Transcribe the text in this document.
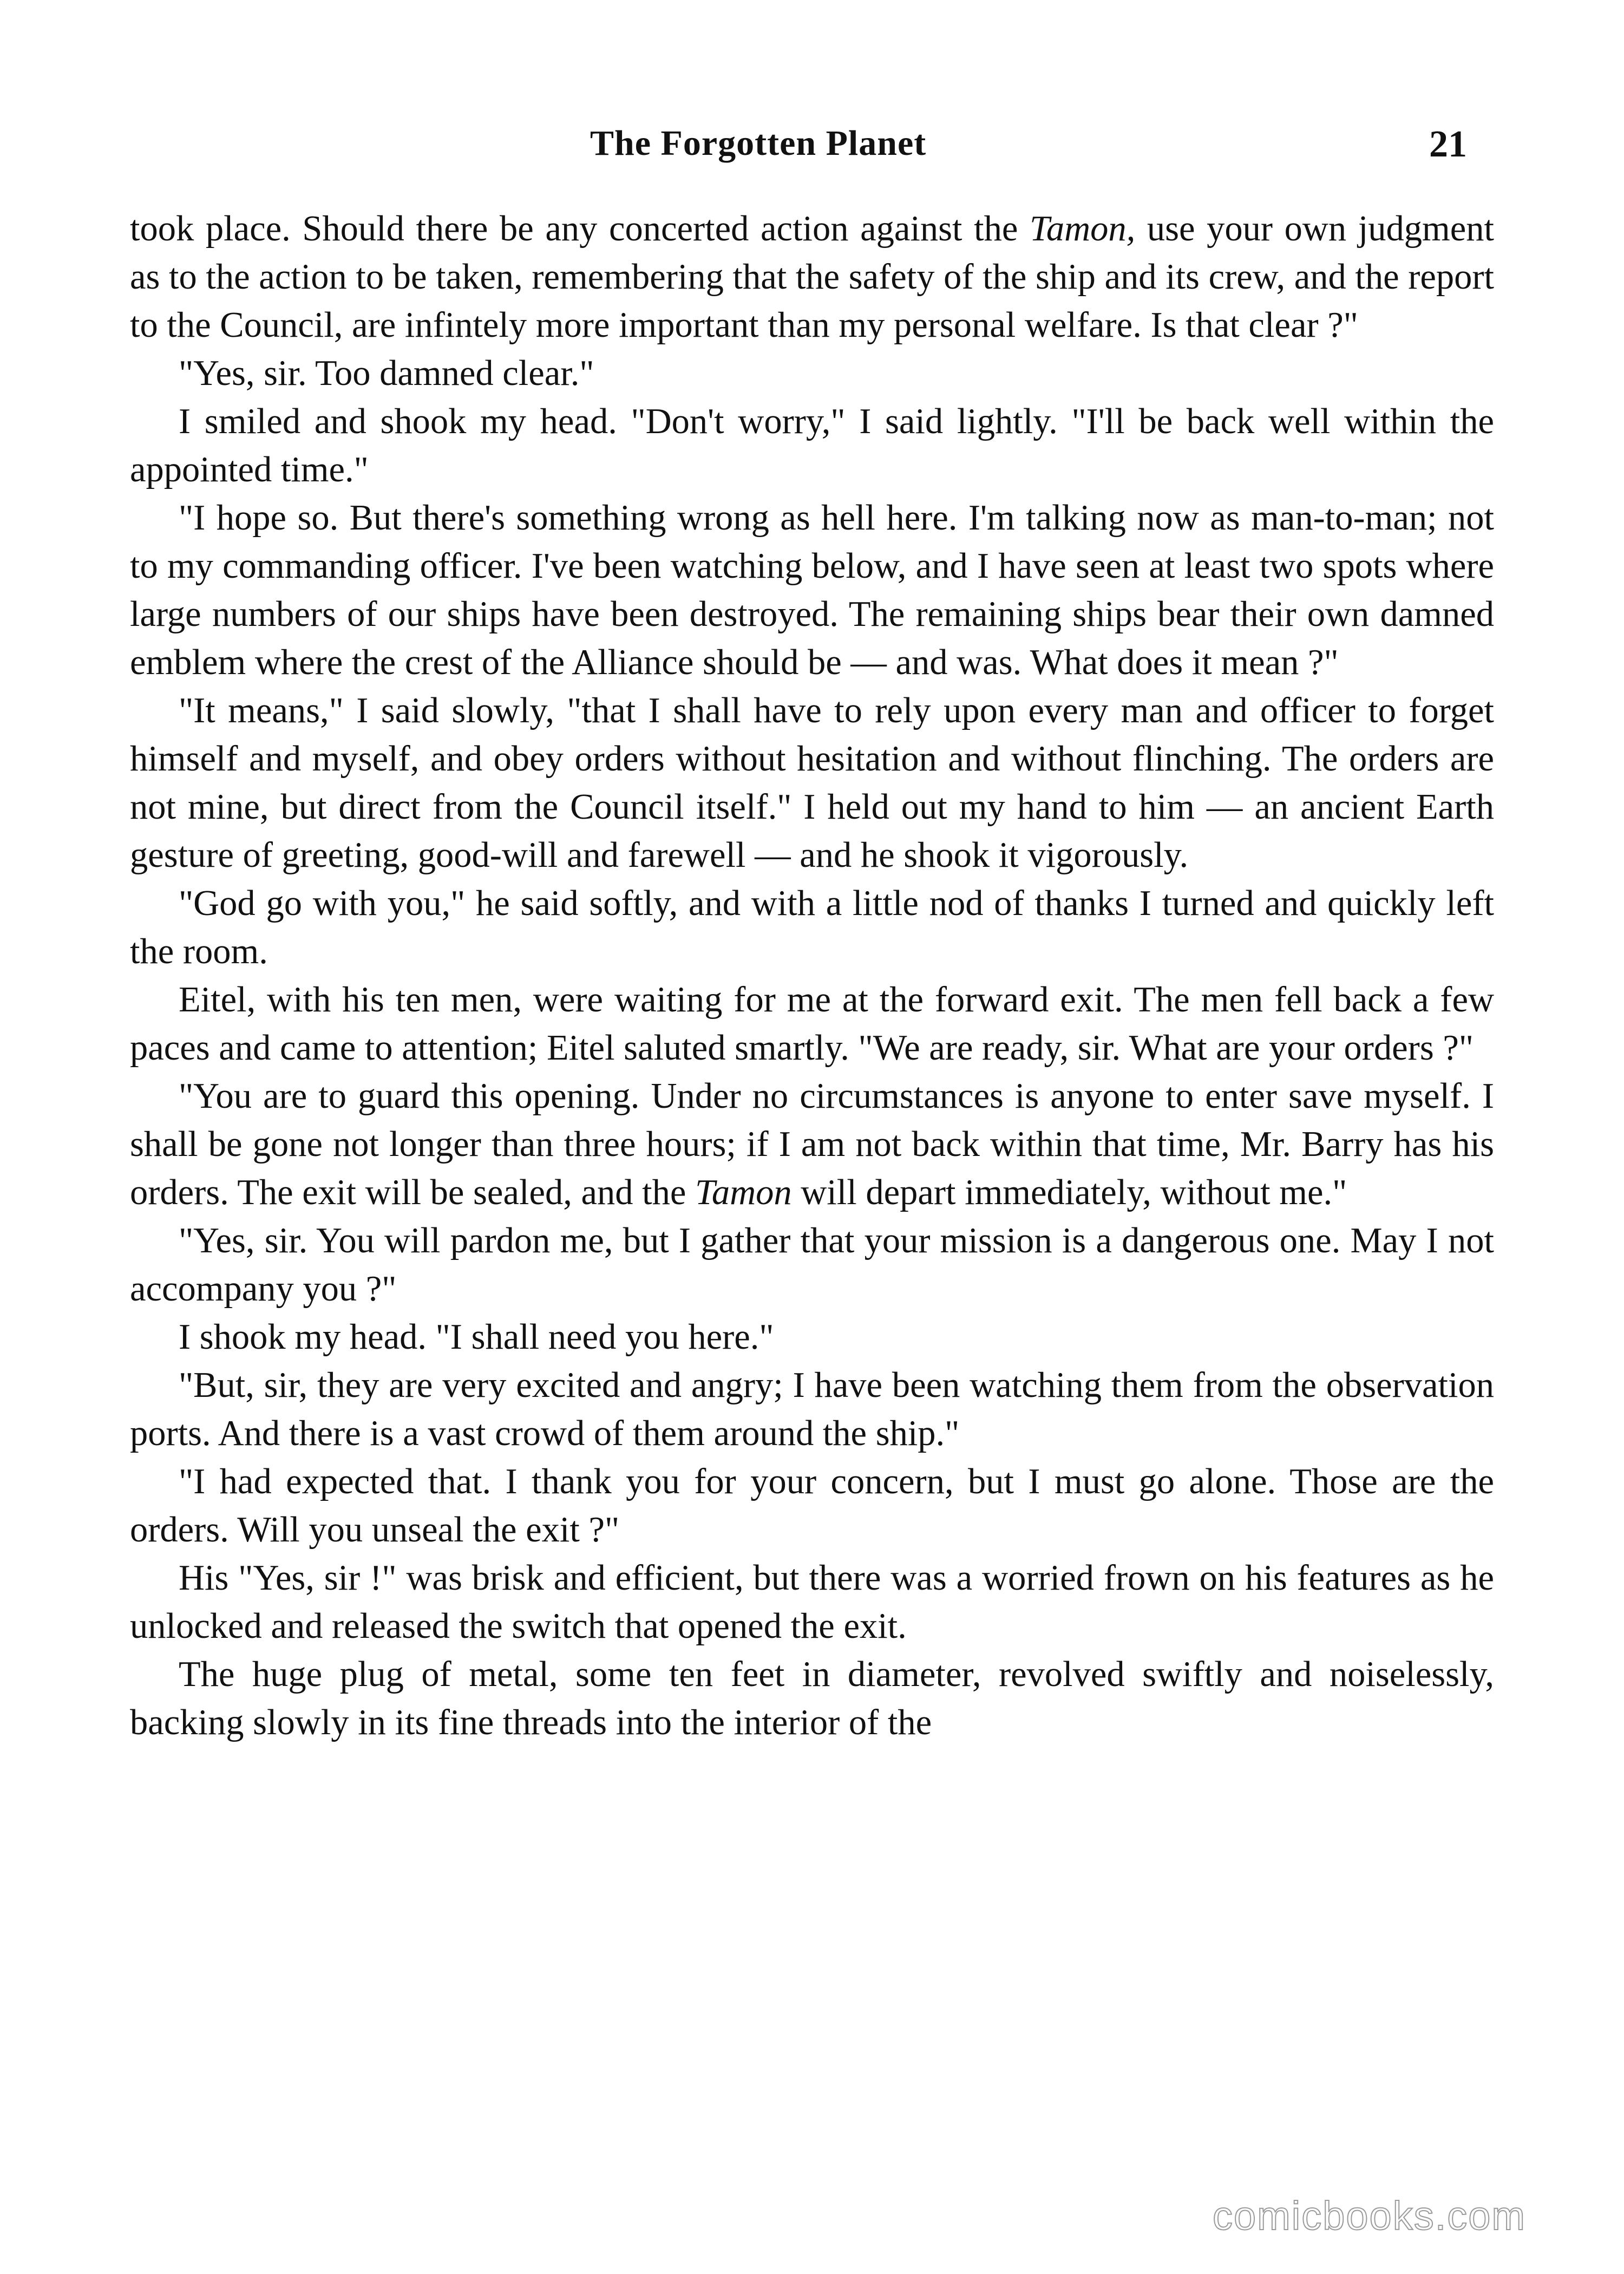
The Forgotten Planet	21

took place. Should there be any concerted action against the Tamon, use your own judgment as to the action to be taken, remembering that the safety of the ship and its crew, and the report to the Council, are infintely more important than my personal welfare. Is that clear ?"

"Yes, sir. Too damned clear."

I smiled and shook my head. "Don't worry," I said lightly. "I'll be back well within the appointed time."

"I hope so. But there's something wrong as hell here. I'm talking now as man-to-man; not to my commanding officer. I've been watching below, and I have seen at least two spots where large numbers of our ships have been destroyed. The remaining ships bear their own damned emblem where the crest of the Alliance should be — and was. What does it mean ?"

"It means," I said slowly, "that I shall have to rely upon every man and officer to forget himself and myself, and obey orders without hesitation and without flinching. The orders are not mine, but direct from the Council itself." I held out my hand to him — an ancient Earth gesture of greeting, good-will and farewell — and he shook it vigorously.

"God go with you," he said softly, and with a little nod of thanks I turned and quickly left the room.

Eitel, with his ten men, were waiting for me at the forward exit. The men fell back a few paces and came to attention; Eitel saluted smartly. "We are ready, sir. What are your orders ?"

"You are to guard this opening. Under no circumstances is anyone to enter save myself. I shall be gone not longer than three hours; if I am not back within that time, Mr. Barry has his orders. The exit will be sealed, and the Tamon will depart immediately, without me."

"Yes, sir. You will pardon me, but I gather that your mission is a dangerous one. May I not accompany you ?"

I shook my head. "I shall need you here."

"But, sir, they are very excited and angry; I have been watching them from the observation ports. And there is a vast crowd of them around the ship."

"I had expected that. I thank you for your concern, but I must go alone. Those are the orders. Will you unseal the exit ?"

His "Yes, sir !" was brisk and efficient, but there was a worried frown on his features as he unlocked and released the switch that opened the exit.

The huge plug of metal, some ten feet in diameter, revolved swiftly and noiselessly, backing slowly in its fine threads into the interior of the

comicbooks.com
